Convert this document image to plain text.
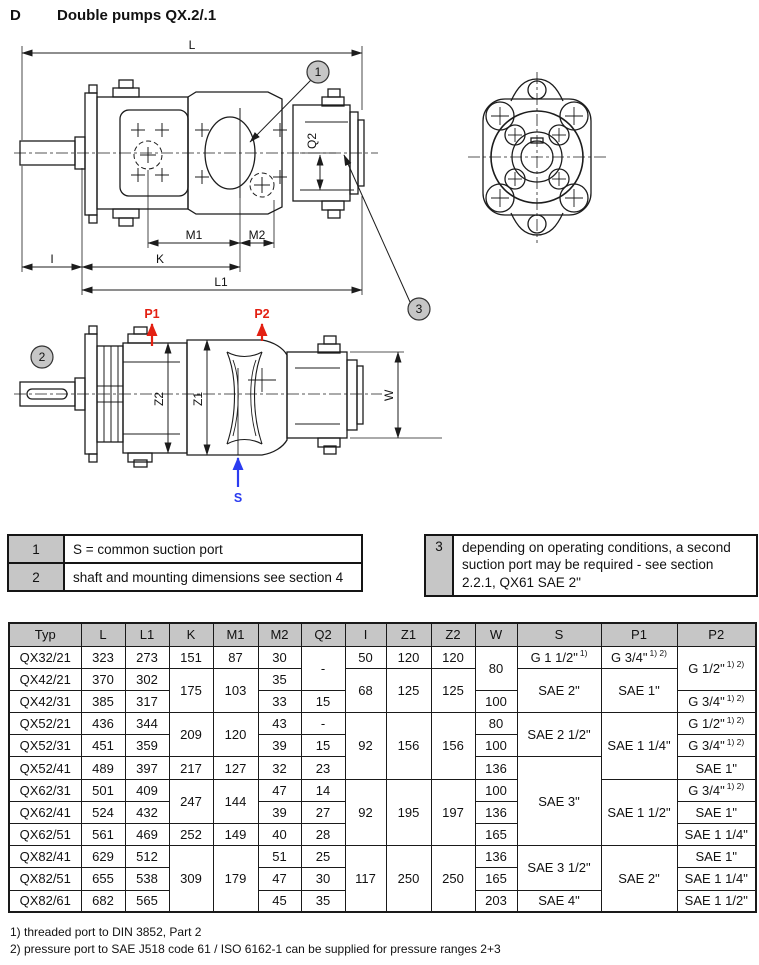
D Double pumps QX.2/.1
L
I	K
L1
M1	M2
Q2
1
3
Z2 Z1	W
P1	P2
S
2
1	S = common suction port
2	shaft and mounting dimensions see section 4
3	depending on operating conditions, a second suction port may be required - see section 2.2.1, QX61 SAE 2"
Typ	L	L1	K	M1	M2	Q2	I	Z1	Z2	W	S	P1	P2
QX32/21	323	273	151	87	30	-	50	120	120	80	G 1 1/2" $^{1)}$	G 3/4" $^{1) 2)}$	G 1/2" $^{1) 2)}$
QX42/21	370	302	175	103	35		68	125	125		SAE 2"	SAE 1"	
QX42/31	385	317			33	15				100			G 3/4" $^{1) 2)}$
QX52/21	436	344	209	120	43	-	92	156	156	80	SAE 2 1/2"	SAE 1 1/4"	G 1/2" $^{1) 2)}$
QX52/31	451	359			39	15				100			G 3/4" $^{1) 2)}$
QX52/41	489	397	217	127	32	23				136	SAE 3"		SAE 1"
QX62/31	501	409	247	144	47	14	92	195	197	100		SAE 1 1/2"	G 3/4" $^{1) 2)}$
QX62/41	524	432			39	27				136			SAE 1"
QX62/51	561	469	252	149	40	28				165			SAE 1 1/4"
QX82/41	629	512	309	179	51	25	117	250	250	136	SAE 3 1/2"	SAE 2"	SAE 1"
QX82/51	655	538			47	30				165			SAE 1 1/4"
QX82/61	682	565			45	35				203	SAE 4"		SAE 1 1/2"
1) threaded port to DIN 3852, Part 2
2) pressure port to SAE J518 code 61 / ISO 6162-1 can be supplied for pressure ranges 2+3
